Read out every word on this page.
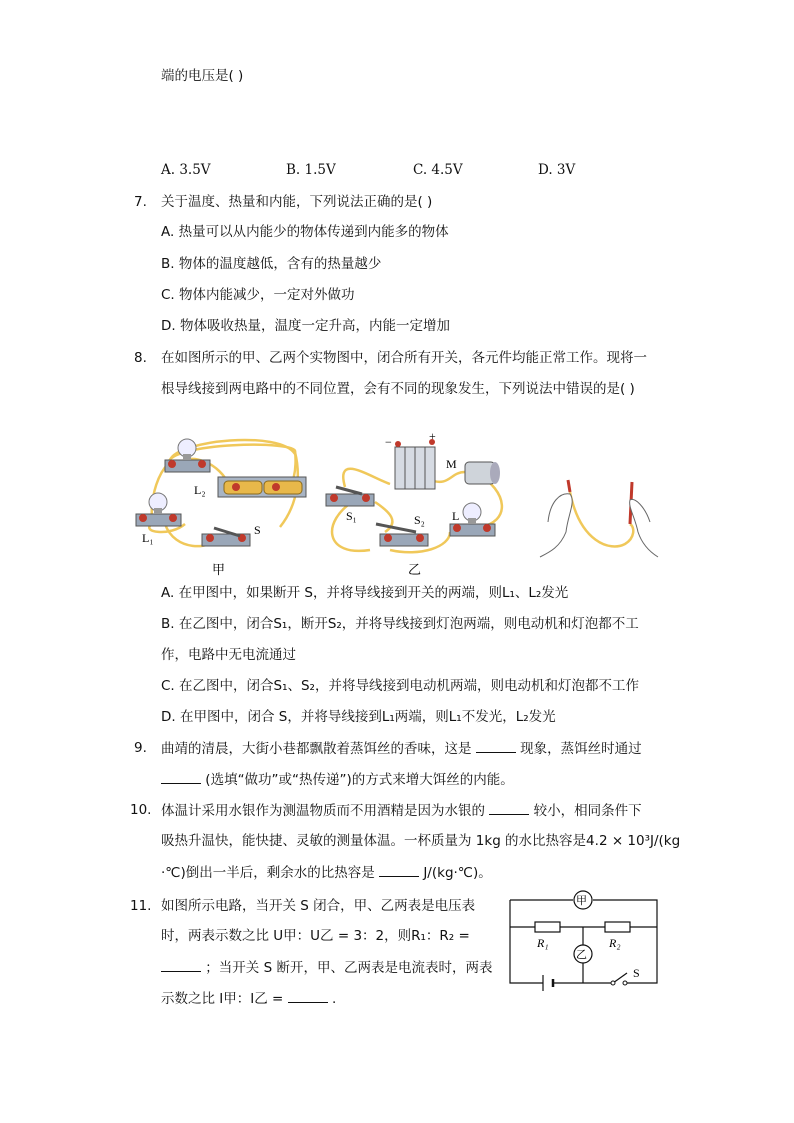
端的电压是( )
A. 3.5V	B. 1.5V	C. 4.5V	D. 3V
7. 关于温度、热量和内能，下列说法正确的是( )
A. 热量可以从内能少的物体传递到内能多的物体
B. 物体的温度越低，含有的热量越少
C. 物体内能减少，一定对外做功
D. 物体吸收热量，温度一定升高，内能一定增加
8. 在如图所示的甲、乙两个实物图中，闭合所有开关，各元件均能正常工作。现将一
根导线接到两电路中的不同位置，会有不同的现象发生，下列说法中错误的是( )
L₂
L₁
S
甲
−	+
M
S₁	S₂ L
乙
A. 在甲图中，如果断开 S，并将导线接到开关的两端，则L₁、L₂发光
B. 在乙图中，闭合S₁，断开S₂，并将导线接到灯泡两端，则电动机和灯泡都不工
作，电路中无电流通过
C. 在乙图中，闭合S₁、S₂，并将导线接到电动机两端，则电动机和灯泡都不工作
D. 在甲图中，闭合 S，并将导线接到L₁两端，则L₁不发光，L₂发光
9. 曲靖的清晨，大街小巷都飘散着蒸饵丝的香味，这是	现象，蒸饵丝时通过
(选填“做功”或“热传递”)的方式来增大饵丝的内能。
10. 体温计采用水银作为测温物质而不用酒精是因为水银的	较小，相同条件下
吸热升温快，能快捷、灵敏的测量体温。一杯质量为 1kg 的水比热容是4.2 × 10³J/(kg
·℃)倒出一半后，剩余水的比热容是	J/(kg·℃)。
11. 如图所示电路，当开关 S 闭合，甲、乙两表是电压表
时，两表示数之比 U甲：U乙 = 3：2，则R₁：R₂ =
；当开关 S 断开，甲、乙两表是电流表时，两表
示数之比 I甲：I乙 =	.
甲
R₁	R₂
乙
S
